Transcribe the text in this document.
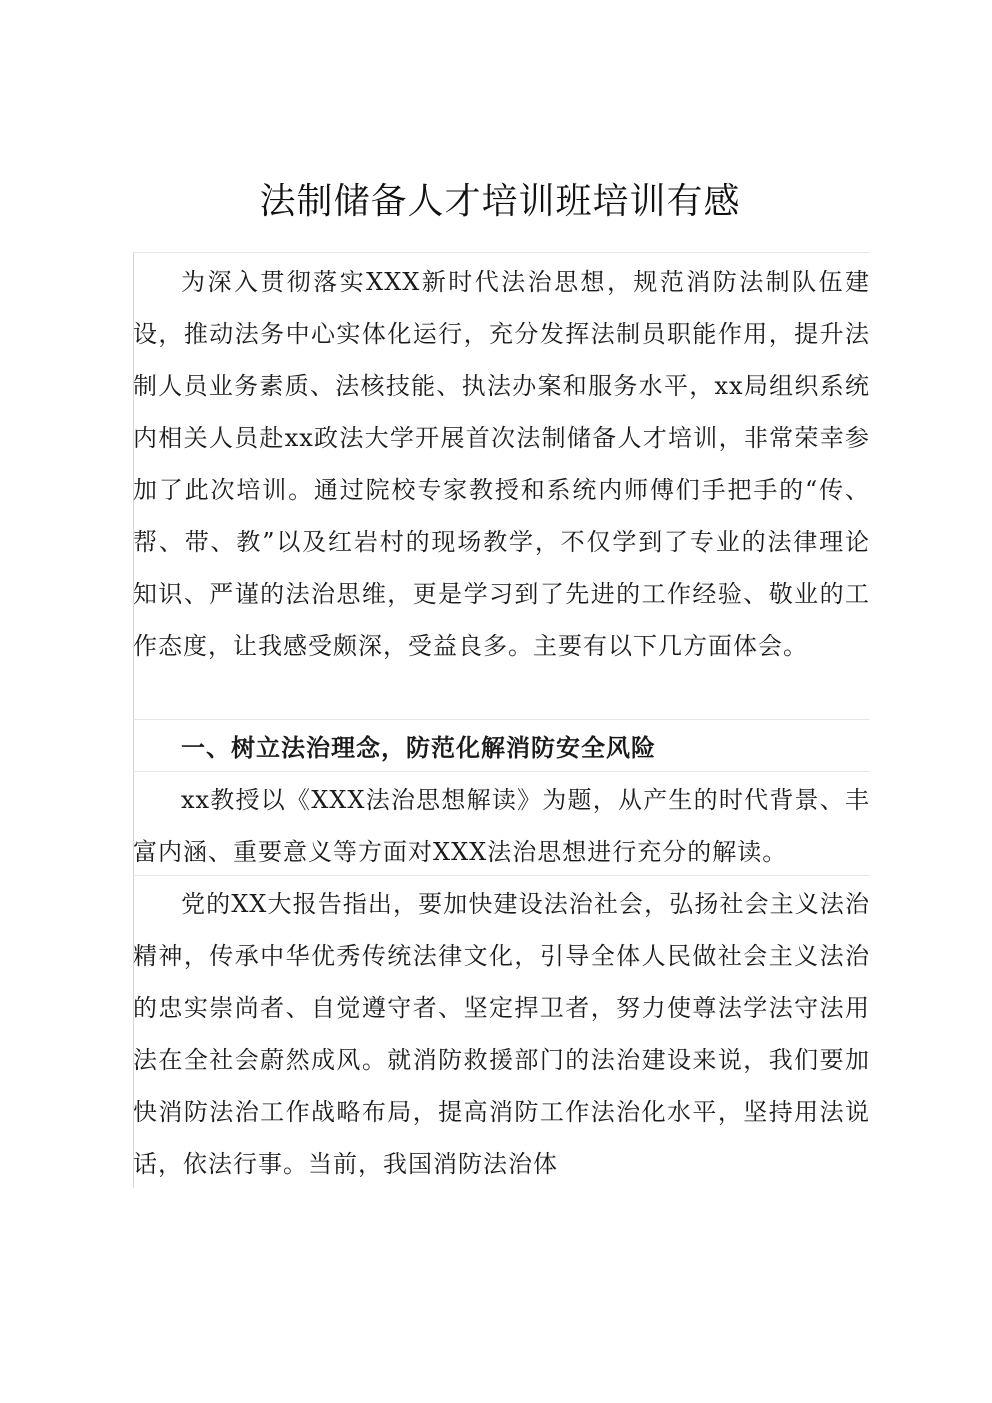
法制储备人才培训班培训有感

为深入贯彻落实XXX新时代法治思想，规范消防法制队伍建设，推动法务中心实体化运行，充分发挥法制员职能作用，提升法制人员业务素质、法核技能、执法办案和服务水平，xx局组织系统内相关人员赴xx政法大学开展首次法制储备人才培训，非常荣幸参加了此次培训。通过院校专家教授和系统内师傅们手把手的“传、帮、带、教”以及红岩村的现场教学，不仅学到了专业的法律理论知识、严谨的法治思维，更是学习到了先进的工作经验、敬业的工作态度，让我感受颇深，受益良多。主要有以下几方面体会。

一、树立法治理念，防范化解消防安全风险

xx教授以《XXX法治思想解读》为题，从产生的时代背景、丰富内涵、重要意义等方面对XXX法治思想进行充分的解读。

党的XX大报告指出，要加快建设法治社会，弘扬社会主义法治精神，传承中华优秀传统法律文化，引导全体人民做社会主义法治的忠实崇尚者、自觉遵守者、坚定捍卫者，努力使尊法学法守法用法在全社会蔚然成风。就消防救援部门的法治建设来说，我们要加快消防法治工作战略布局，提高消防工作法治化水平，坚持用法说话，依法行事。当前，我国消防法治体
